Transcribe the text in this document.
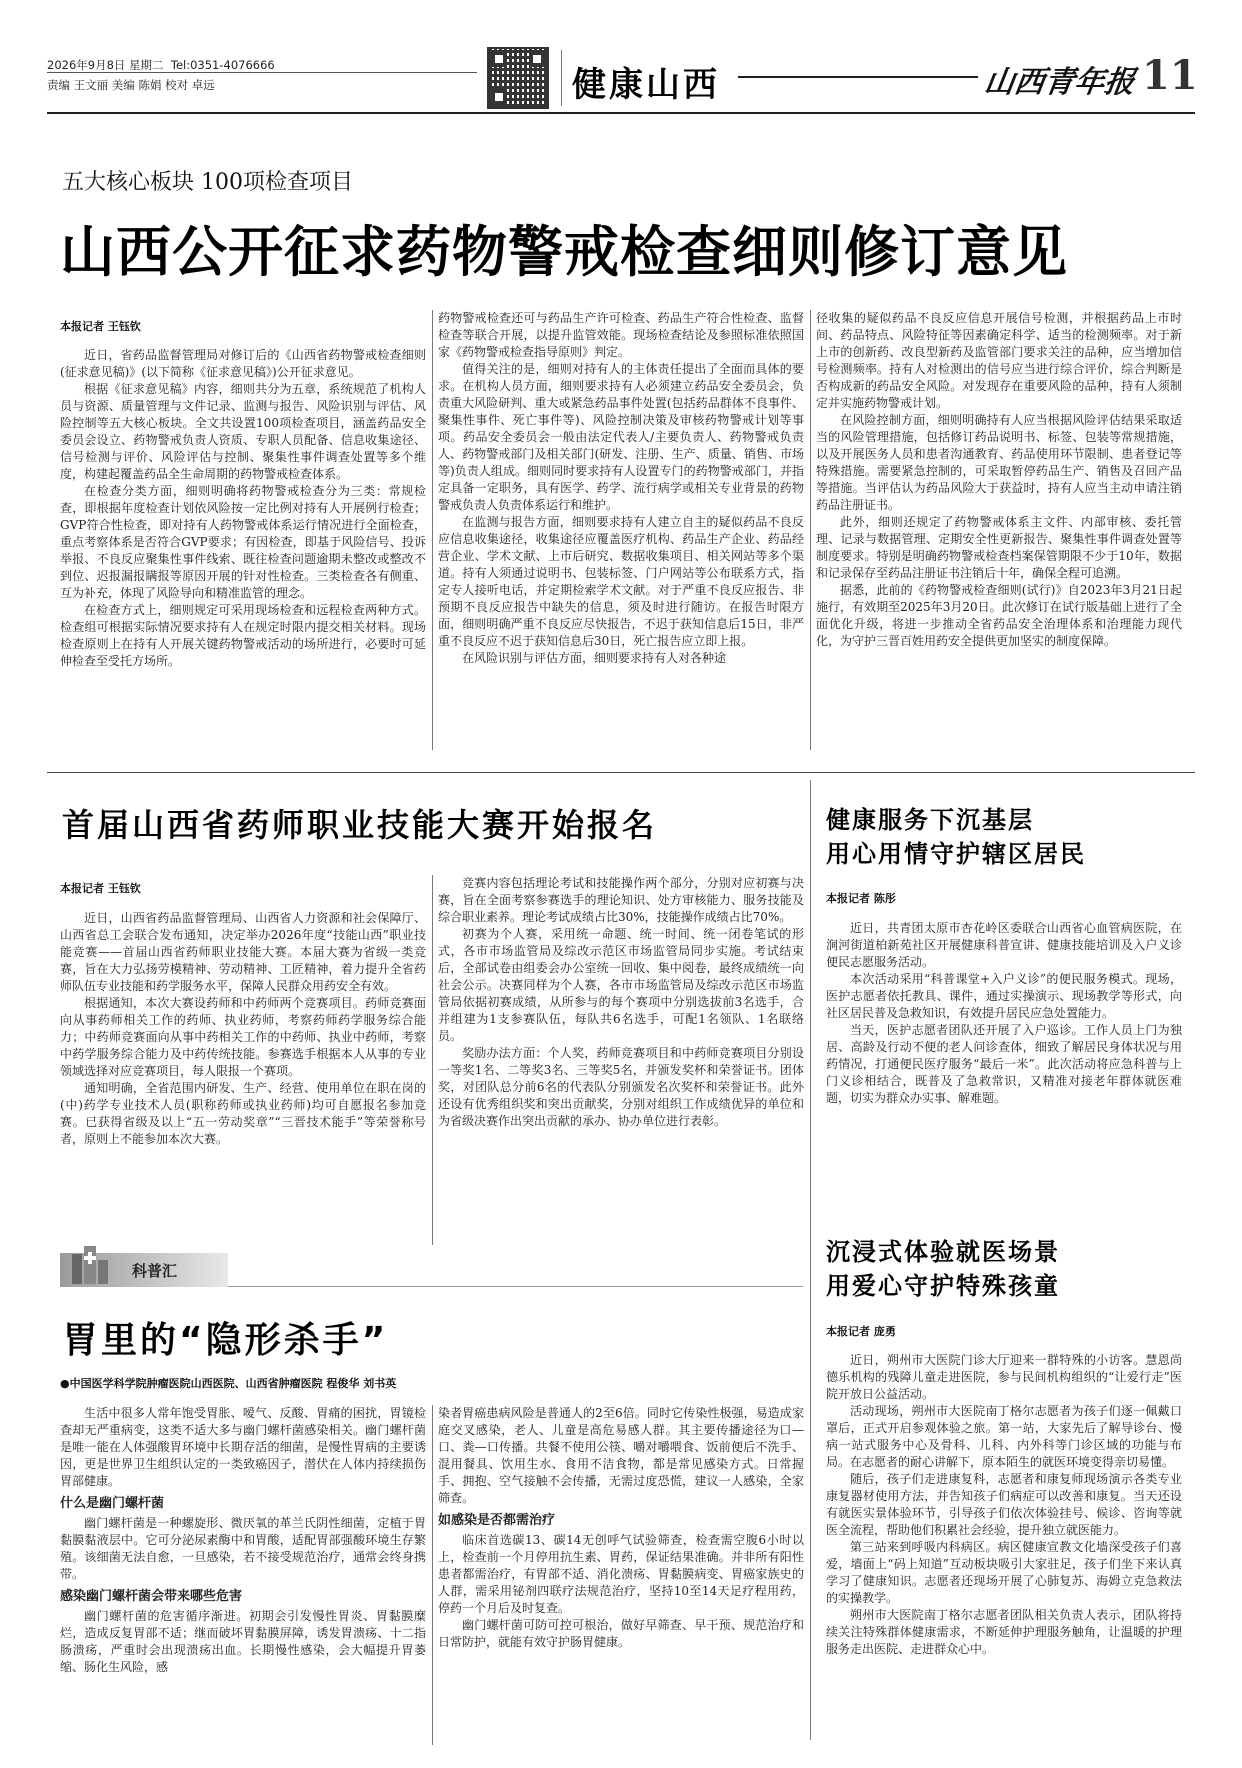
2026年9月8日 星期二 Tel:0351-4076666
责编 王文丽 美编 陈娟 校对 卓远	健康山西	山西青年报 11
五大核心板块 100项检查项目
山西公开征求药物警戒检查细则修订意见
本报记者 王钰钦

近日，省药品监督管理局对修订后的《山西省药物警戒检查细则(征求意见稿)》(以下简称《征求意见稿》)公开征求意见。

根据《征求意见稿》内容，细则共分为五章，系统规范了机构人员与资源、质量管理与文件记录、监测与报告、风险识别与评估、风险控制等五大核心板块。全文共设置100项检查项目，涵盖药品安全委员会设立、药物警戒负责人资质、专职人员配备、信息收集途径、信号检测与评价、风险评估与控制、聚集性事件调查处置等多个维度，构建起覆盖药品全生命周期的药物警戒检查体系。

在检查分类方面，细则明确将药物警戒检查分为三类：常规检查，即根据年度检查计划依风险按一定比例对持有人开展例行检查；GVP符合性检查，即对持有人药物警戒体系运行情况进行全面检查，重点考察体系是否符合GVP要求；有因检查，即基于风险信号、投诉举报、不良反应聚集性事件线索、既往检查问题逾期未整改或整改不到位、迟报漏报瞒报等原因开展的针对性检查。三类检查各有侧重、互为补充，体现了风险导向和精准监管的理念。

在检查方式上，细则规定可采用现场检查和远程检查两种方式。检查组可根据实际情况要求持有人在规定时限内提交相关材料。现场检查原则上在持有人开展关键药物警戒活动的场所进行，必要时可延伸检查至受托方场所。

药物警戒检查还可与药品生产许可检查、药品生产符合性检查、监督检查等联合开展，以提升监管效能。现场检查结论及参照标准依照国家《药物警戒检查指导原则》判定。

值得关注的是，细则对持有人的主体责任提出了全面而具体的要求。在机构人员方面，细则要求持有人必须建立药品安全委员会，负责重大风险研判、重大或紧急药品事件处置(包括药品群体不良事件、聚集性事件、死亡事件等)、风险控制决策及审核药物警戒计划等事项。药品安全委员会一般由法定代表人/主要负责人、药物警戒负责人、药物警戒部门及相关部门(研发、注册、生产、质量、销售、市场等)负责人组成。细则同时要求持有人设置专门的药物警戒部门，并指定具备一定职务，具有医学、药学、流行病学或相关专业背景的药物警戒负责人负责体系运行和维护。

在监测与报告方面，细则要求持有人建立自主的疑似药品不良反应信息收集途径，收集途径应覆盖医疗机构、药品生产企业、药品经营企业、学术文献、上市后研究、数据收集项目、相关网站等多个渠道。持有人须通过说明书、包装标签、门户网站等公布联系方式，指定专人接听电话，并定期检索学术文献。对于严重不良反应报告、非预期不良反应报告中缺失的信息，须及时进行随访。在报告时限方面，细则明确严重不良反应尽快报告，不迟于获知信息后15日，非严重不良反应不迟于获知信息后30日，死亡报告应立即上报。

在风险识别与评估方面，细则要求持有人对各种途

径收集的疑似药品不良反应信息开展信号检测，并根据药品上市时间、药品特点、风险特征等因素确定科学、适当的检测频率。对于新上市的创新药、改良型新药及监管部门要求关注的品种，应当增加信号检测频率。持有人对检测出的信号应当进行综合评价，综合判断是否构成新的药品安全风险。对发现存在重要风险的品种，持有人须制定并实施药物警戒计划。

在风险控制方面，细则明确持有人应当根据风险评估结果采取适当的风险管理措施，包括修订药品说明书、标签、包装等常规措施，以及开展医务人员和患者沟通教育、药品使用环节限制、患者登记等特殊措施。需要紧急控制的，可采取暂停药品生产、销售及召回产品等措施。当评估认为药品风险大于获益时，持有人应当主动申请注销药品注册证书。

此外，细则还规定了药物警戒体系主文件、内部审核、委托管理、记录与数据管理、定期安全性更新报告、聚集性事件调查处置等制度要求。特别是明确药物警戒检查档案保管期限不少于10年，数据和记录保存至药品注册证书注销后十年，确保全程可追溯。

据悉，此前的《药物警戒检查细则(试行)》自2023年3月21日起施行，有效期至2025年3月20日。此次修订在试行版基础上进行了全面优化升级，将进一步推动全省药品安全治理体系和治理能力现代化，为守护三晋百姓用药安全提供更加坚实的制度保障。

首届山西省药师职业技能大赛开始报名
本报记者 王钰钦

近日，山西省药品监督管理局、山西省人力资源和社会保障厅、山西省总工会联合发布通知，决定举办2026年度“技能山西”职业技能竞赛——首届山西省药师职业技能大赛。本届大赛为省级一类竞赛，旨在大力弘扬劳模精神、劳动精神、工匠精神，着力提升全省药师队伍专业技能和药学服务水平，保障人民群众用药安全有效。

根据通知，本次大赛设药师和中药师两个竞赛项目。药师竞赛面向从事药师相关工作的药师、执业药师，考察药师药学服务综合能力；中药师竞赛面向从事中药相关工作的中药师、执业中药师，考察中药学服务综合能力及中药传统技能。参赛选手根据本人从事的专业领域选择对应竞赛项目，每人限报一个赛项。

通知明确，全省范围内研发、生产、经营、使用单位在职在岗的(中)药学专业技术人员(职称药师或执业药师)均可自愿报名参加竞赛。已获得省级及以上“五一劳动奖章”“三晋技术能手”等荣誉称号者，原则上不能参加本次大赛。

竞赛内容包括理论考试和技能操作两个部分，分别对应初赛与决赛，旨在全面考察参赛选手的理论知识、处方审核能力、服务技能及综合职业素养。理论考试成绩占比30%，技能操作成绩占比70%。

初赛为个人赛，采用统一命题、统一时间、统一闭卷笔试的形式，各市市场监管局及综改示范区市场监管局同步实施。考试结束后，全部试卷由组委会办公室统一回收、集中阅卷，最终成绩统一向社会公示。决赛同样为个人赛，各市市场监管局及综改示范区市场监管局依据初赛成绩，从所参与的每个赛项中分别选拔前3名选手，合并组建为1支参赛队伍，每队共6名选手，可配1名领队、1名联络员。

奖励办法方面：个人奖，药师竞赛项目和中药师竞赛项目分别设一等奖1名、二等奖3名、三等奖5名，并颁发奖杯和荣誉证书。团体奖，对团队总分前6名的代表队分别颁发名次奖杯和荣誉证书。此外还设有优秀组织奖和突出贡献奖，分别对组织工作成绩优异的单位和为省级决赛作出突出贡献的承办、协办单位进行表彰。

健康服务下沉基层
用心用情守护辖区居民
本报记者 陈彤

近日，共青团太原市杏花岭区委联合山西省心血管病医院，在涧河街道柏新苑社区开展健康科普宣讲、健康技能培训及入户义诊便民志愿服务活动。

本次活动采用“科普课堂+入户义诊”的便民服务模式。现场，医护志愿者依托教具、课件，通过实操演示、现场教学等形式，向社区居民普及急救知识，有效提升居民应急处置能力。

当天，医护志愿者团队还开展了入户巡诊。工作人员上门为独居、高龄及行动不便的老人问诊查体，细致了解居民身体状况与用药情况，打通便民医疗服务“最后一米”。此次活动将应急科普与上门义诊相结合，既普及了急救常识，又精准对接老年群体就医难题，切实为群众办实事、解难题。

沉浸式体验就医场景
用爱心守护特殊孩童
本报记者 庞勇

近日，朔州市大医院门诊大厅迎来一群特殊的小访客。慧恩尚德乐机构的残障儿童走进医院，参与民间机构组织的“让爱行走”医院开放日公益活动。

活动现场，朔州市大医院南丁格尔志愿者为孩子们逐一佩戴口罩后，正式开启参观体验之旅。第一站，大家先后了解导诊台、慢病一站式服务中心及骨科、儿科、内外科等门诊区域的功能与布局。在志愿者的耐心讲解下，原本陌生的就医环境变得亲切易懂。

随后，孩子们走进康复科，志愿者和康复师现场演示各类专业康复器材使用方法，并告知孩子们病症可以改善和康复。当天还设有就医实景体验环节，引导孩子们依次体验挂号、候诊、咨询等就医全流程，帮助他们积累社会经验，提升独立就医能力。

第三站来到呼吸内科病区。病区健康宣教文化墙深受孩子们喜爱，墙面上“码上知道”互动板块吸引大家驻足，孩子们坐下来认真学习了健康知识。志愿者还现场开展了心肺复苏、海姆立克急救法的实操教学。

朔州市大医院南丁格尔志愿者团队相关负责人表示，团队将持续关注特殊群体健康需求，不断延伸护理服务触角，让温暖的护理服务走出医院、走进群众心中。

科普汇
胃里的“隐形杀手”
●中国医学科学院肿瘤医院山西医院、山西省肿瘤医院 程俊华 刘书英

生活中很多人常年饱受胃胀、嗳气、反酸、胃痛的困扰，胃镜检查却无严重病变，这类不适大多与幽门螺杆菌感染相关。幽门螺杆菌是唯一能在人体强酸胃环境中长期存活的细菌，是慢性胃病的主要诱因，更是世界卫生组织认定的一类致癌因子，潜伏在人体内持续损伤胃部健康。

什么是幽门螺杆菌

幽门螺杆菌是一种螺旋形、微厌氧的革兰氏阴性细菌，定植于胃黏膜黏液层中。它可分泌尿素酶中和胃酸，适配胃部强酸环境生存繁殖。该细菌无法自愈，一旦感染，若不接受规范治疗，通常会终身携带。

感染幽门螺杆菌会带来哪些危害

幽门螺杆菌的危害循序渐进。初期会引发慢性胃炎、胃黏膜糜烂，造成反复胃部不适；继而破坏胃黏膜屏障，诱发胃溃疡、十二指肠溃疡，严重时会出现溃疡出血。长期慢性感染，会大幅提升胃萎缩、肠化生风险，感

染者胃癌患病风险是普通人的2至6倍。同时它传染性极强，易造成家庭交叉感染，老人、儿童是高危易感人群。其主要传播途径为口—口、粪—口传播。共餐不使用公筷、嚼对嚼喂食、饭前便后不洗手、混用餐具、饮用生水、食用不洁食物，都是常见感染方式。日常握手、拥抱、空气接触不会传播，无需过度恐慌，建议一人感染，全家筛查。

如感染是否都需治疗

临床首选碳13、碳14无创呼气试验筛查，检查需空腹6小时以上，检查前一个月停用抗生素、胃药，保证结果准确。并非所有阳性患者都需治疗，有胃部不适、消化溃疡、胃黏膜病变、胃癌家族史的人群，需采用铋剂四联疗法规范治疗，坚持10至14天足疗程用药，停药一个月后及时复查。

幽门螺杆菌可防可控可根治，做好早筛查、早干预、规范治疗和日常防护，就能有效守护肠胃健康。
